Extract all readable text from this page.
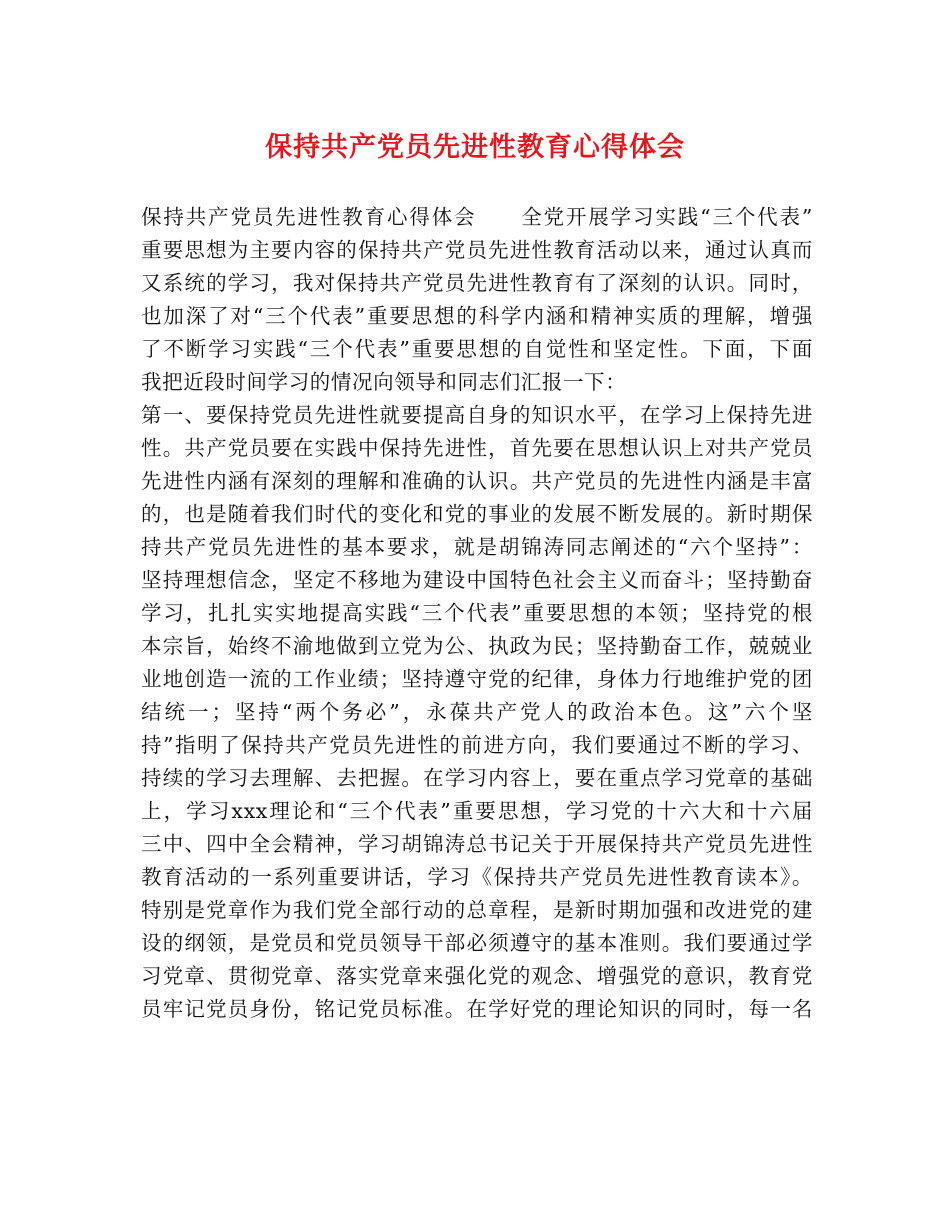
保持共产党员先进性教育心得体会
保持共产党员先进性教育心得体会　　全党开展学习实践“三个代表”
重要思想为主要内容的保持共产党员先进性教育活动以来，通过认真而
又系统的学习，我对保持共产党员先进性教育有了深刻的认识。同时，
也加深了对“三个代表”重要思想的科学内涵和精神实质的理解，增强
了不断学习实践“三个代表”重要思想的自觉性和坚定性。下面，下面
我把近段时间学习的情况向领导和同志们汇报一下：
第一、要保持党员先进性就要提高自身的知识水平，在学习上保持先进
性。共产党员要在实践中保持先进性，首先要在思想认识上对共产党员
先进性内涵有深刻的理解和准确的认识。共产党员的先进性内涵是丰富
的，也是随着我们时代的变化和党的事业的发展不断发展的。新时期保
持共产党员先进性的基本要求，就是胡锦涛同志阐述的“六个坚持”：
坚持理想信念，坚定不移地为建设中国特色社会主义而奋斗；坚持勤奋
学习，扎扎实实地提高实践“三个代表”重要思想的本领；坚持党的根
本宗旨，始终不渝地做到立党为公、执政为民；坚持勤奋工作，兢兢业
业地创造一流的工作业绩；坚持遵守党的纪律，身体力行地维护党的团
结统一；坚持“两个务必”，永葆共产党人的政治本色。这”六个坚
持”指明了保持共产党员先进性的前进方向，我们要通过不断的学习、
持续的学习去理解、去把握。在学习内容上，要在重点学习党章的基础
上，学习xxx理论和“三个代表”重要思想，学习党的十六大和十六届
三中、四中全会精神，学习胡锦涛总书记关于开展保持共产党员先进性
教育活动的一系列重要讲话，学习《保持共产党员先进性教育读本》。
特别是党章作为我们党全部行动的总章程，是新时期加强和改进党的建
设的纲领，是党员和党员领导干部必须遵守的基本准则。我们要通过学
习党章、贯彻党章、落实党章来强化党的观念、增强党的意识，教育党
员牢记党员身份，铭记党员标准。在学好党的理论知识的同时，每一名
